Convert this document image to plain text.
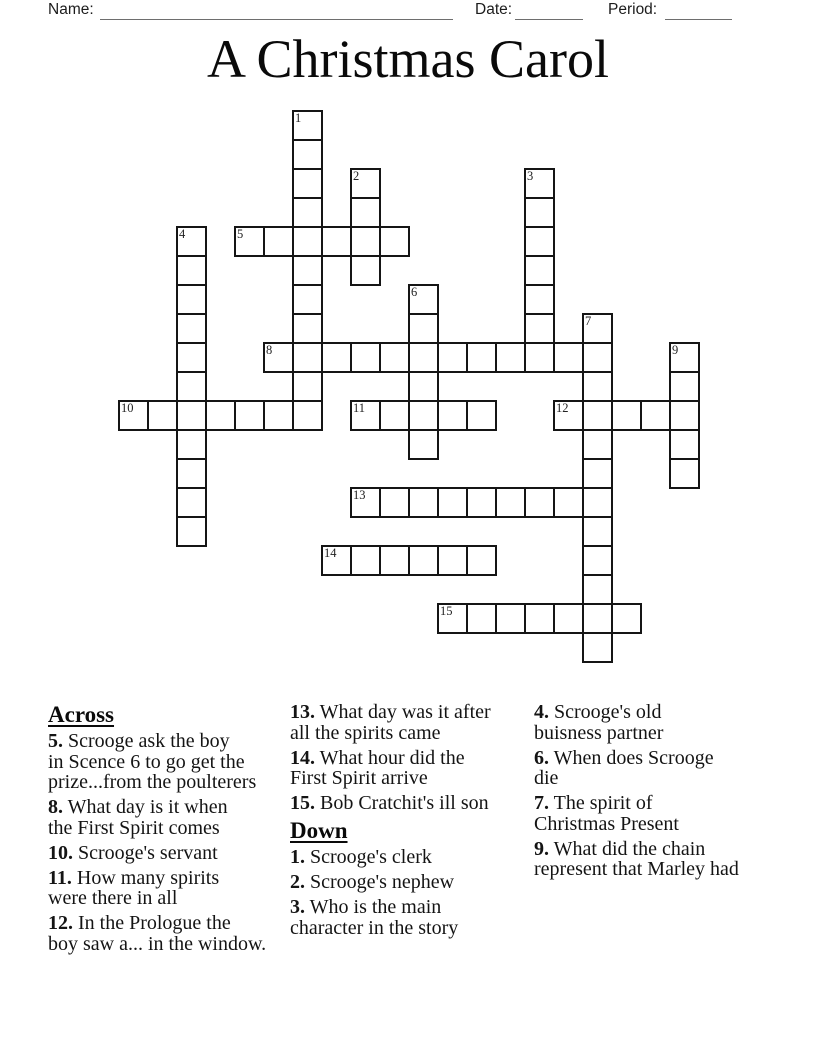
Name:	Date:	Period:
A Christmas Carol
1
2	3
4	5
6
7
8	9
10	11	12
13
14
15
Across
5. Scrooge ask the boy
in Scence 6 to go get the
prize...from the poulterers
8. What day is it when
the First Spirit comes
10. Scrooge's servant
11. How many spirits
were there in all
12. In the Prologue the
boy saw a... in the window.
13. What day was it after
all the spirits came
14. What hour did the
First Spirit arrive
15. Bob Cratchit's ill son
Down
1. Scrooge's clerk
2. Scrooge's nephew
3. Who is the main
character in the story
4. Scrooge's old
buisness partner
6. When does Scrooge
die
7. The spirit of
Christmas Present
9. What did the chain
represent that Marley had
